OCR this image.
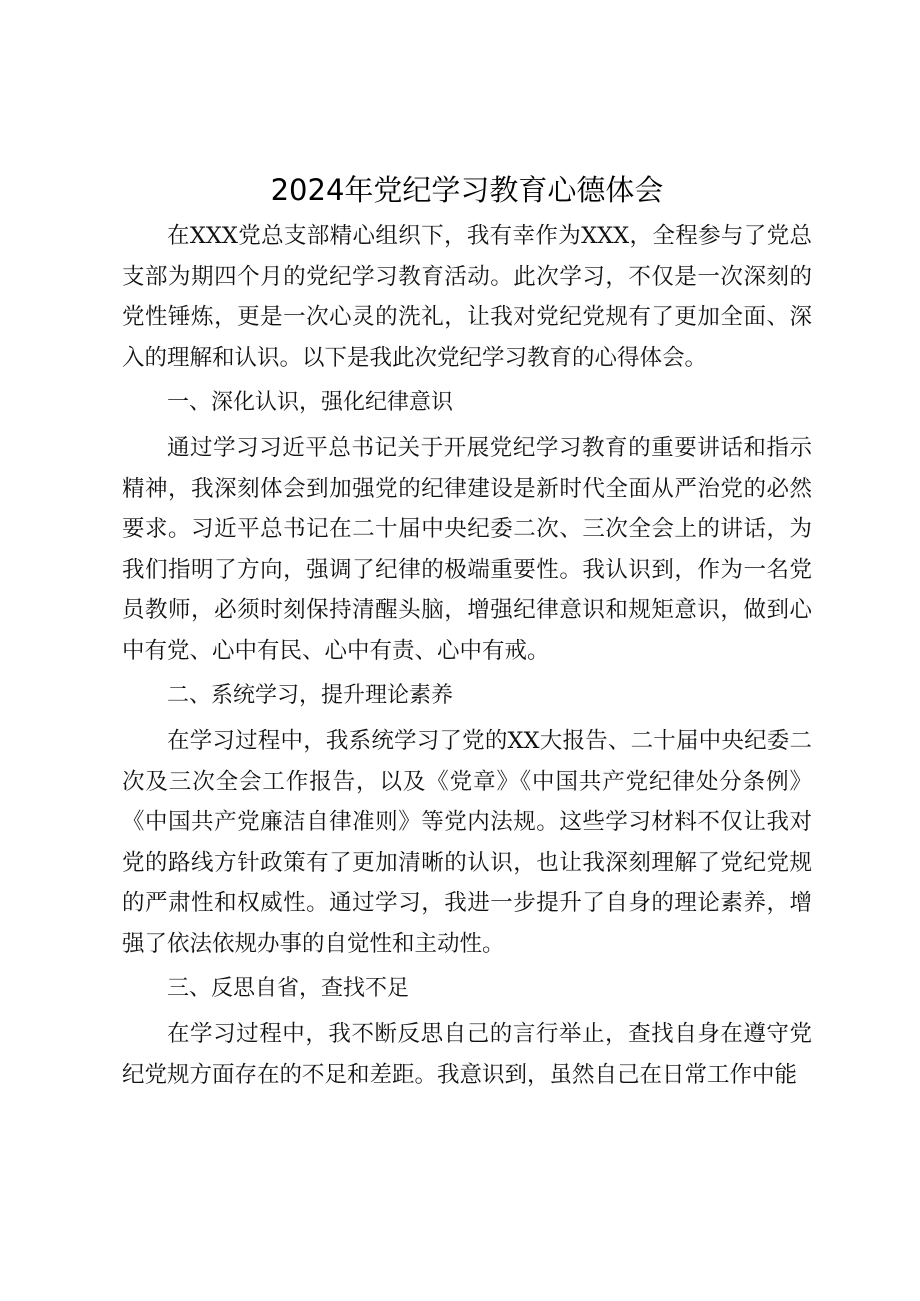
2024年党纪学习教育心德体会

在XXX党总支部精心组织下，我有幸作为XXX，全程参与了党总支部为期四个月的党纪学习教育活动。此次学习，不仅是一次深刻的党性锤炼，更是一次心灵的洗礼，让我对党纪党规有了更加全面、深入的理解和认识。以下是我此次党纪学习教育的心得体会。

一、深化认识，强化纪律意识

通过学习习近平总书记关于开展党纪学习教育的重要讲话和指示精神，我深刻体会到加强党的纪律建设是新时代全面从严治党的必然要求。习近平总书记在二十届中央纪委二次、三次全会上的讲话，为我们指明了方向，强调了纪律的极端重要性。我认识到，作为一名党员教师，必须时刻保持清醒头脑，增强纪律意识和规矩意识，做到心中有党、心中有民、心中有责、心中有戒。

二、系统学习，提升理论素养

在学习过程中，我系统学习了党的XX大报告、二十届中央纪委二次及三次全会工作报告，以及《党章》《中国共产党纪律处分条例》《中国共产党廉洁自律准则》等党内法规。这些学习材料不仅让我对党的路线方针政策有了更加清晰的认识，也让我深刻理解了党纪党规的严肃性和权威性。通过学习，我进一步提升了自身的理论素养，增强了依法依规办事的自觉性和主动性。

三、反思自省，查找不足

在学习过程中，我不断反思自己的言行举止，查找自身在遵守党纪党规方面存在的不足和差距。我意识到，虽然自己在日常工作中能
